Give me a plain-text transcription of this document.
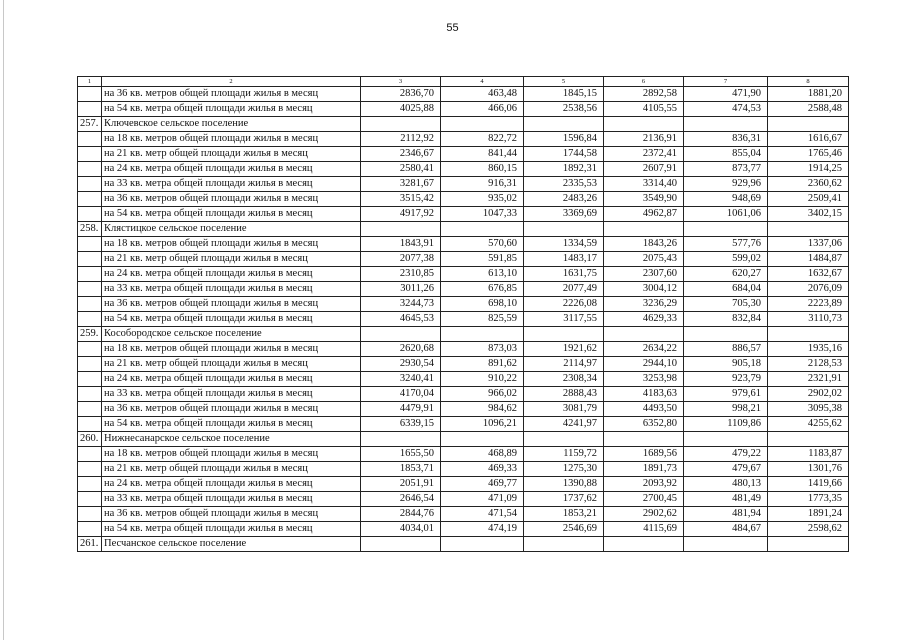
55
1	2	3	4	5	6	7	8
	на 36 кв. метров общей площади жилья в месяц	2836,70	463,48	1845,15	2892,58	471,90	1881,20
	на 54 кв. метра общей площади жилья в месяц	4025,88	466,06	2538,56	4105,55	474,53	2588,48
257.	Ключевское сельское поселение						
	на 18 кв. метров общей площади жилья в месяц	2112,92	822,72	1596,84	2136,91	836,31	1616,67
	на 21 кв. метр общей площади жилья в месяц	2346,67	841,44	1744,58	2372,41	855,04	1765,46
	на 24 кв. метра общей площади жилья в месяц	2580,41	860,15	1892,31	2607,91	873,77	1914,25
	на 33 кв. метра общей площади жилья в месяц	3281,67	916,31	2335,53	3314,40	929,96	2360,62
	на 36 кв. метров общей площади жилья в месяц	3515,42	935,02	2483,26	3549,90	948,69	2509,41
	на 54 кв. метра общей площади жилья в месяц	4917,92	1047,33	3369,69	4962,87	1061,06	3402,15
258.	Клястицкое сельское поселение						
	на 18 кв. метров общей площади жилья в месяц	1843,91	570,60	1334,59	1843,26	577,76	1337,06
	на 21 кв. метр общей площади жилья в месяц	2077,38	591,85	1483,17	2075,43	599,02	1484,87
	на 24 кв. метра общей площади жилья в месяц	2310,85	613,10	1631,75	2307,60	620,27	1632,67
	на 33 кв. метра общей площади жилья в месяц	3011,26	676,85	2077,49	3004,12	684,04	2076,09
	на 36 кв. метров общей площади жилья в месяц	3244,73	698,10	2226,08	3236,29	705,30	2223,89
	на 54 кв. метра общей площади жилья в месяц	4645,53	825,59	3117,55	4629,33	832,84	3110,73
259.	Кособородское сельское поселение						
	на 18 кв. метров общей площади жилья в месяц	2620,68	873,03	1921,62	2634,22	886,57	1935,16
	на 21 кв. метр общей площади жилья в месяц	2930,54	891,62	2114,97	2944,10	905,18	2128,53
	на 24 кв. метра общей площади жилья в месяц	3240,41	910,22	2308,34	3253,98	923,79	2321,91
	на 33 кв. метра общей площади жилья в месяц	4170,04	966,02	2888,43	4183,63	979,61	2902,02
	на 36 кв. метров общей площади жилья в месяц	4479,91	984,62	3081,79	4493,50	998,21	3095,38
	на 54 кв. метра общей площади жилья в месяц	6339,15	1096,21	4241,97	6352,80	1109,86	4255,62
260.	Нижнесанарское сельское поселение						
	на 18 кв. метров общей площади жилья в месяц	1655,50	468,89	1159,72	1689,56	479,22	1183,87
	на 21 кв. метр общей площади жилья в месяц	1853,71	469,33	1275,30	1891,73	479,67	1301,76
	на 24 кв. метра общей площади жилья в месяц	2051,91	469,77	1390,88	2093,92	480,13	1419,66
	на 33 кв. метра общей площади жилья в месяц	2646,54	471,09	1737,62	2700,45	481,49	1773,35
	на 36 кв. метров общей площади жилья в месяц	2844,76	471,54	1853,21	2902,62	481,94	1891,24
	на 54 кв. метра общей площади жилья в месяц	4034,01	474,19	2546,69	4115,69	484,67	2598,62
261.	Песчанское сельское поселение						
